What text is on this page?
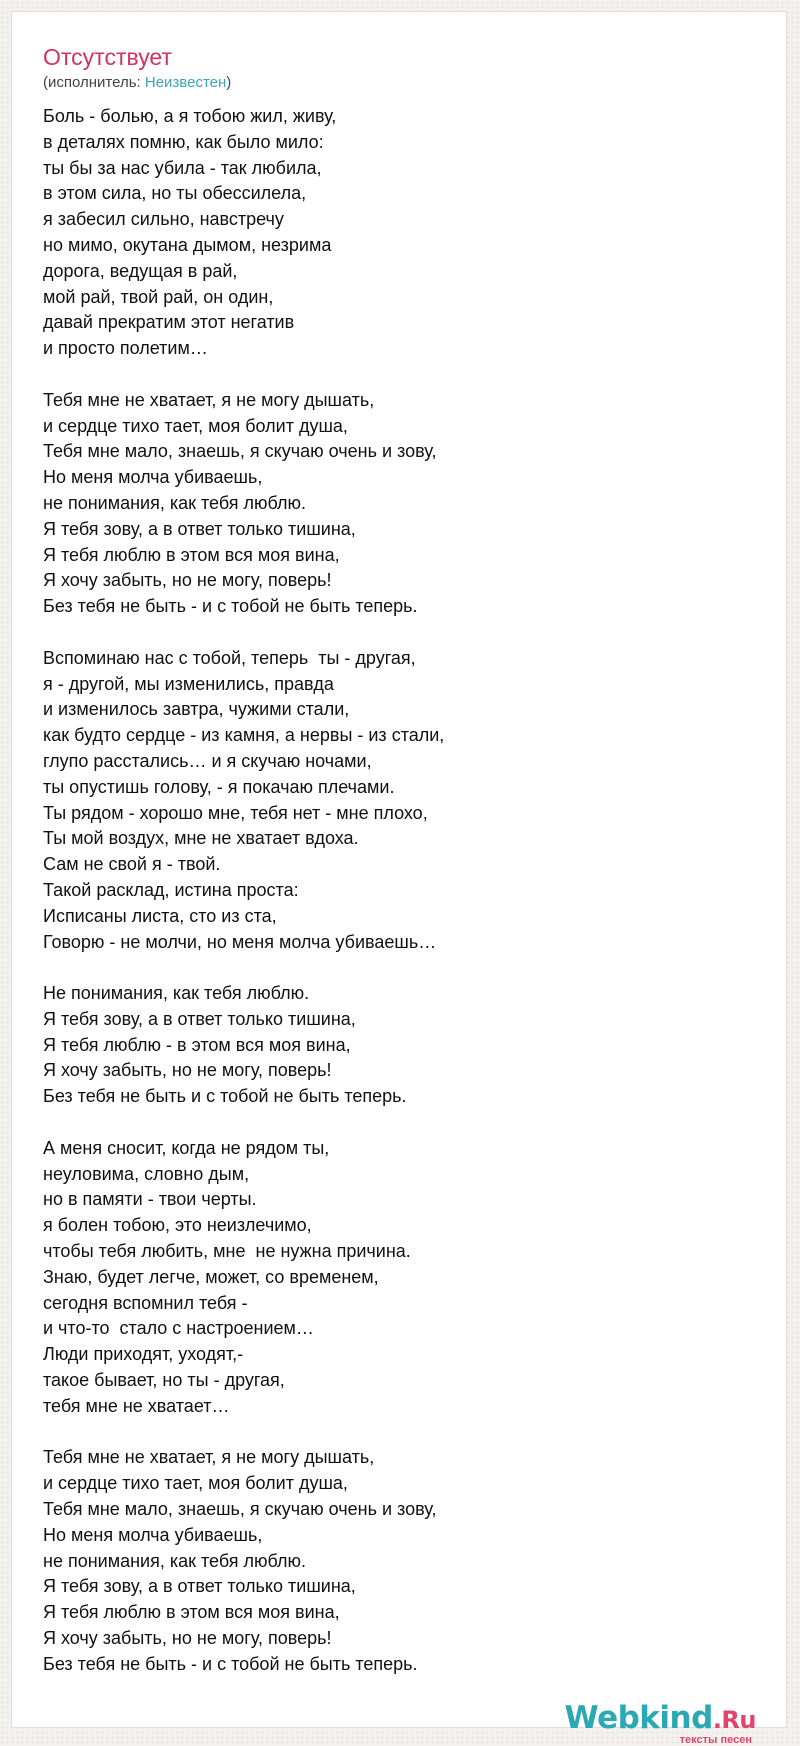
Отсутствует
(исполнитель: Неизвестен)
Боль - болью, а я тобою жил, живу,
в деталях помню, как было мило:
ты бы за нас убила - так любила,
в этом сила, но ты обессилела,
я забесил сильно, навстречу
но мимо, окутана дымом, незрима
дорога, ведущая в рай,
мой рай, твой рай, он один,
давай прекратим этот негатив
и просто полетим…
Тебя мне не хватает, я не могу дышать,
и сердце тихо тает, моя болит душа,
Тебя мне мало, знаешь, я скучаю очень и зову,
Но меня молча убиваешь,
не понимания, как тебя люблю.
Я тебя зову, а в ответ только тишина,
Я тебя люблю в этом вся моя вина,
Я хочу забыть, но не могу, поверь!
Без тебя не быть - и с тобой не быть теперь.
Вспоминаю нас с тобой, теперь  ты - другая,
я - другой, мы изменились, правда
и изменилось завтра, чужими стали,
как будто сердце - из камня, а нервы - из стали,
глупо расстались… и я скучаю ночами,
ты опустишь голову, - я покачаю плечами.
Ты рядом - хорошо мне, тебя нет - мне плохо,
Ты мой воздух, мне не хватает вдоха.
Сам не свой я - твой.
Такой расклад, истина проста:
Исписаны листа, сто из ста,
Говорю - не молчи, но меня молча убиваешь…
Не понимания, как тебя люблю.
Я тебя зову, а в ответ только тишина,
Я тебя люблю - в этом вся моя вина,
Я хочу забыть, но не могу, поверь!
Без тебя не быть и с тобой не быть теперь.
А меня сносит, когда не рядом ты,
неуловима, словно дым,
но в памяти - твои черты.
я болен тобою, это неизлечимо,
чтобы тебя любить, мне  не нужна причина.
Знаю, будет легче, может, со временем,
сегодня вспомнил тебя -
и что-то  стало с настроением…
Люди приходят, уходят,-
такое бывает, но ты - другая,
тебя мне не хватает…
Тебя мне не хватает, я не могу дышать,
и сердце тихо тает, моя болит душа,
Тебя мне мало, знаешь, я скучаю очень и зову,
Но меня молча убиваешь,
не понимания, как тебя люблю.
Я тебя зову, а в ответ только тишина,
Я тебя люблю в этом вся моя вина,
Я хочу забыть, но не могу, поверь!
Без тебя не быть - и с тобой не быть теперь.
Webkind.Ru
тексты песен
